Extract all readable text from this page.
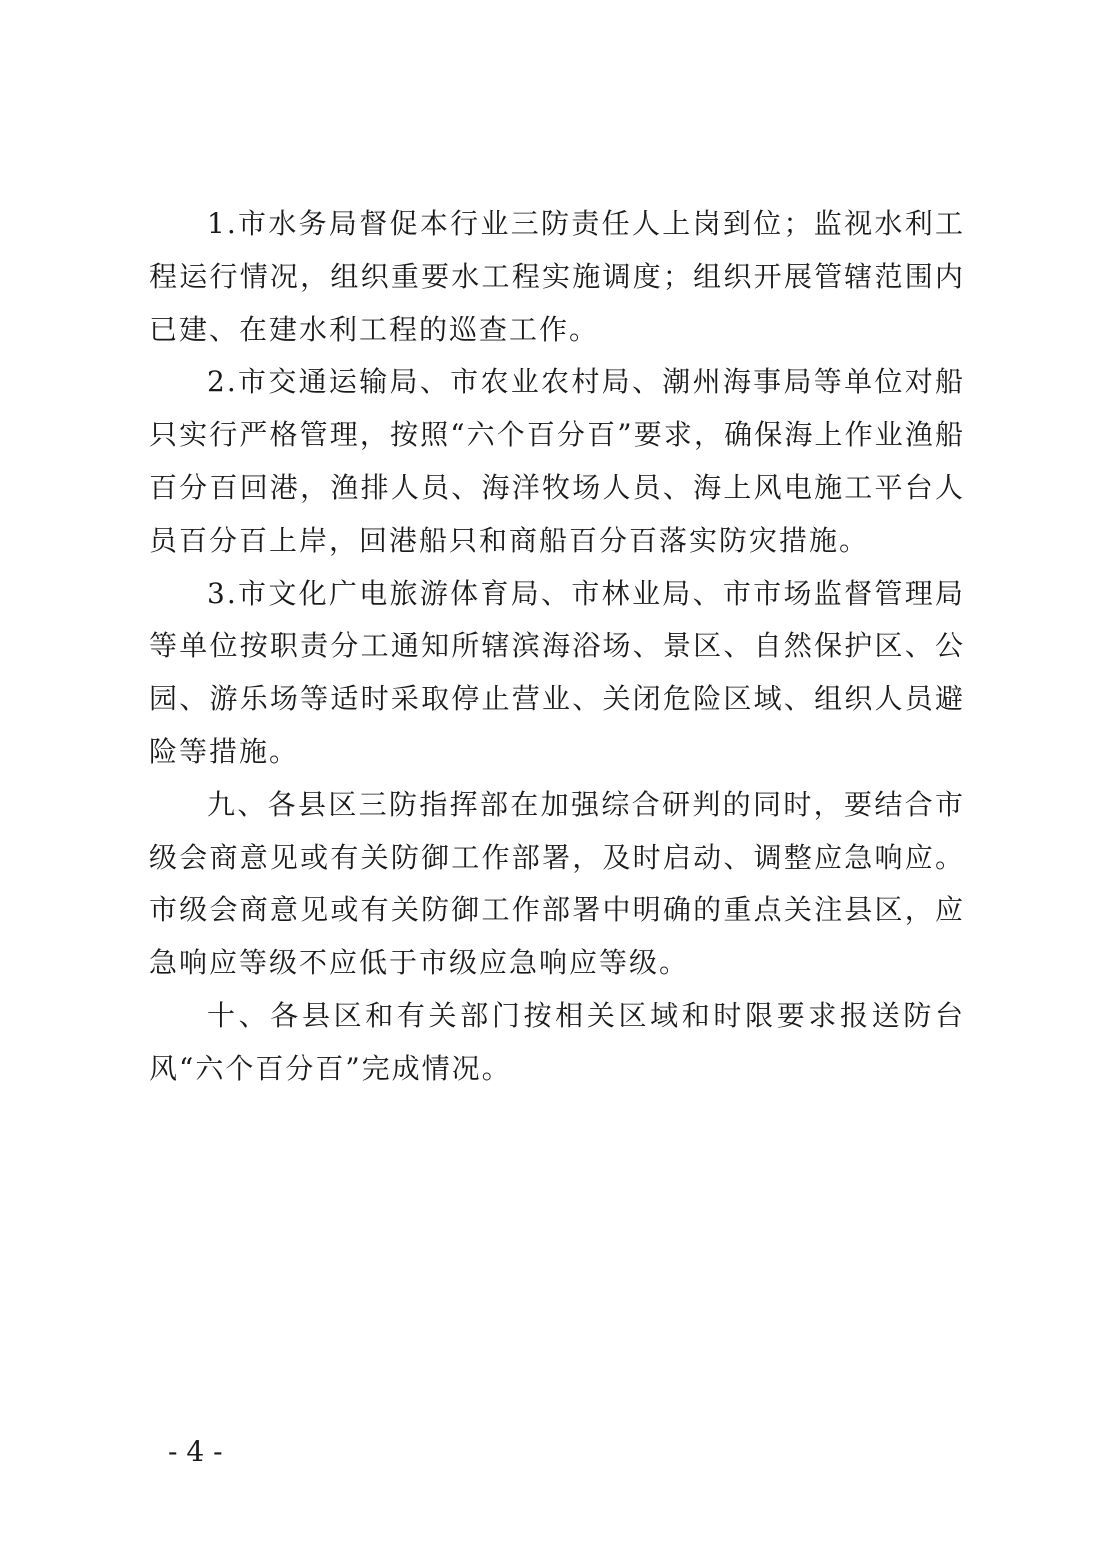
1.市水务局督促本行业三防责任人上岗到位；监视水利工程运行情况，组织重要水工程实施调度；组织开展管辖范围内已建、在建水利工程的巡查工作。

2.市交通运输局、市农业农村局、潮州海事局等单位对船只实行严格管理，按照“六个百分百”要求，确保海上作业渔船百分百回港，渔排人员、海洋牧场人员、海上风电施工平台人员百分百上岸，回港船只和商船百分百落实防灾措施。

3.市文化广电旅游体育局、市林业局、市市场监督管理局等单位按职责分工通知所辖滨海浴场、景区、自然保护区、公园、游乐场等适时采取停止营业、关闭危险区域、组织人员避险等措施。

九、各县区三防指挥部在加强综合研判的同时，要结合市级会商意见或有关防御工作部署，及时启动、调整应急响应。市级会商意见或有关防御工作部署中明确的重点关注县区，应急响应等级不应低于市级应急响应等级。

十、各县区和有关部门按相关区域和时限要求报送防台风“六个百分百”完成情况。

- 4 -
